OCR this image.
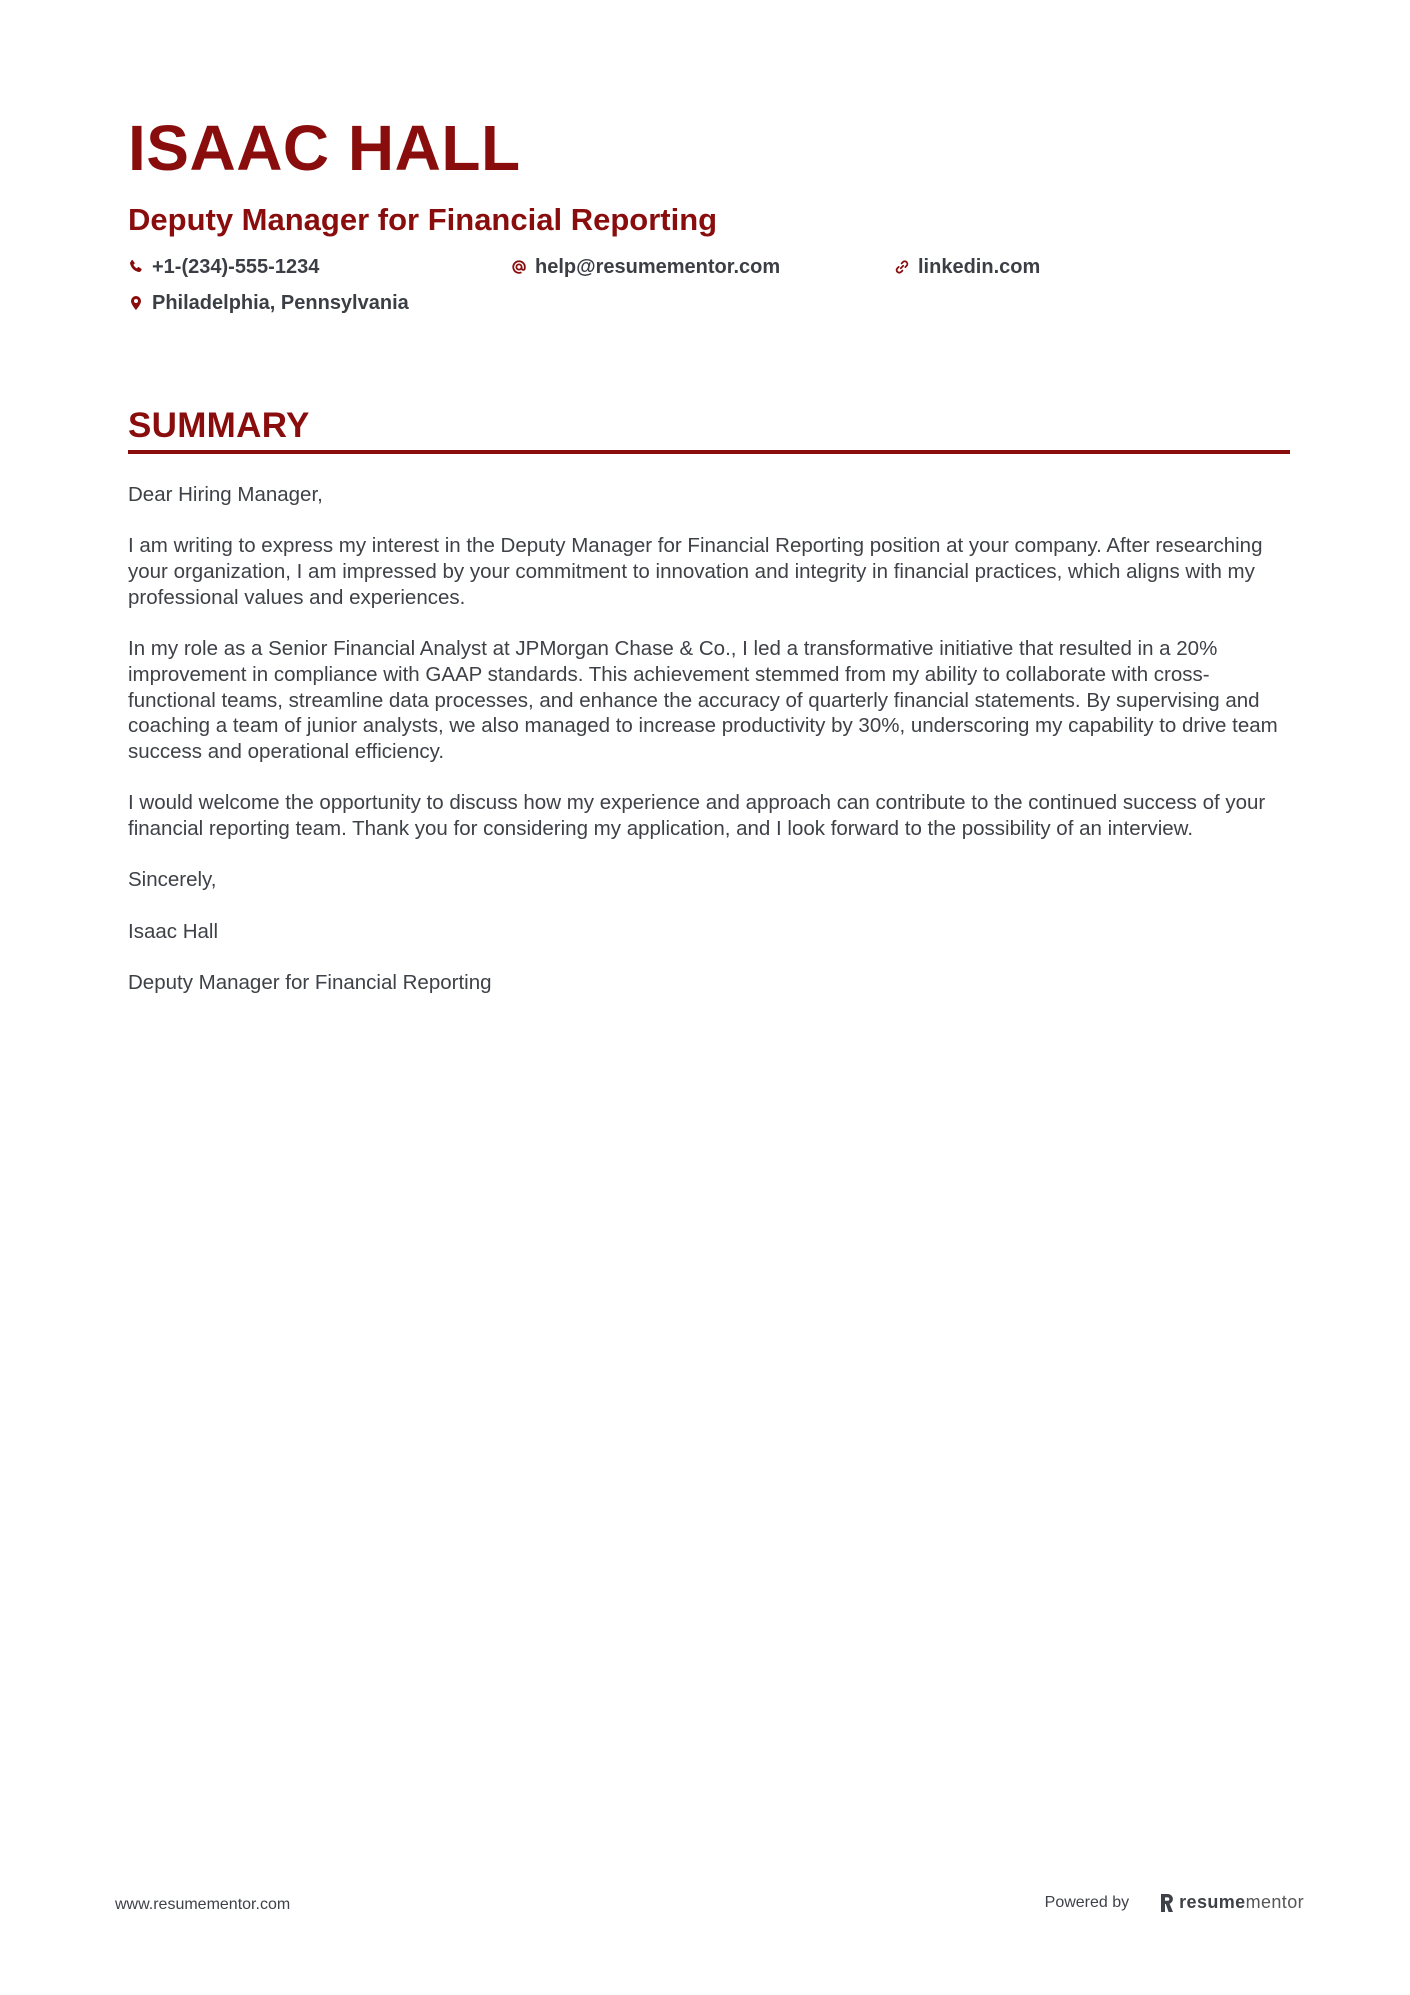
ISAAC HALL
Deputy Manager for Financial Reporting
+1-(234)-555-1234	help@resumementor.com	linkedin.com
Philadelphia, Pennsylvania
SUMMARY

Dear Hiring Manager,

I am writing to express my interest in the Deputy Manager for Financial Reporting position at your company. After researching your organization, I am impressed by your commitment to innovation and integrity in financial practices, which aligns with my professional values and experiences.

In my role as a Senior Financial Analyst at JPMorgan Chase & Co., I led a transformative initiative that resulted in a 20% improvement in compliance with GAAP standards. This achievement stemmed from my ability to collaborate with cross-functional teams, streamline data processes, and enhance the accuracy of quarterly financial statements. By supervising and coaching a team of junior analysts, we also managed to increase productivity by 30%, underscoring my capability to drive team success and operational efficiency.

I would welcome the opportunity to discuss how my experience and approach can contribute to the continued success of your financial reporting team. Thank you for considering my application, and I look forward to the possibility of an interview.

Sincerely,

Isaac Hall

Deputy Manager for Financial Reporting

www.resumementor.com	Powered by	resume mentor
